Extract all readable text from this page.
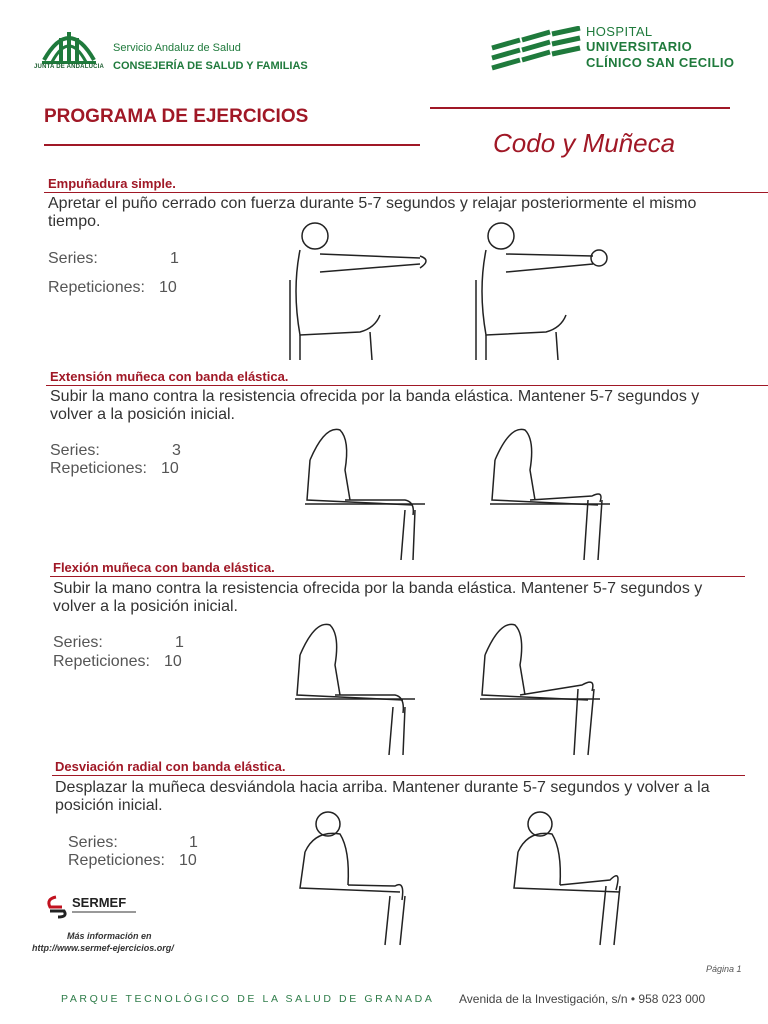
JUNTA DE ANDALUCIA
Servicio Andaluz de Salud
CONSEJERÍA DE SALUD Y FAMILIAS
HOSPITAL
UNIVERSITARIO
CLÍNICO SAN CECILIO
PROGRAMA DE EJERCICIOS
Codo y Muñeca
Empuñadura simple.
Apretar el puño cerrado con fuerza durante 5-7 segundos y relajar posteriormente el mismo tiempo.
Series:	1
Repeticiones: 10
Extensión muñeca con banda elástica.
Subir la mano contra la resistencia ofrecida por la banda elástica. Mantener 5-7 segundos y volver a la posición inicial.
Series:	3
Repeticiones: 10
Flexión muñeca con banda elástica.
Subir la mano contra la resistencia ofrecida por la banda elástica. Mantener 5-7 segundos y volver a la posición inicial.
Series:	1
Repeticiones: 10
Desviación radial con banda elástica.
Desplazar la muñeca desviándola hacia arriba. Mantener durante 5-7 segundos y volver a la posición inicial.
Series:	1
Repeticiones: 10
SERMEF
Más información en
http://www.sermef-ejercicios.org/
Página 1
PARQUE TECNOLÓGICO DE LA SALUD DE GRANADA Avenida de la Investigación, s/n • 958 023 000
